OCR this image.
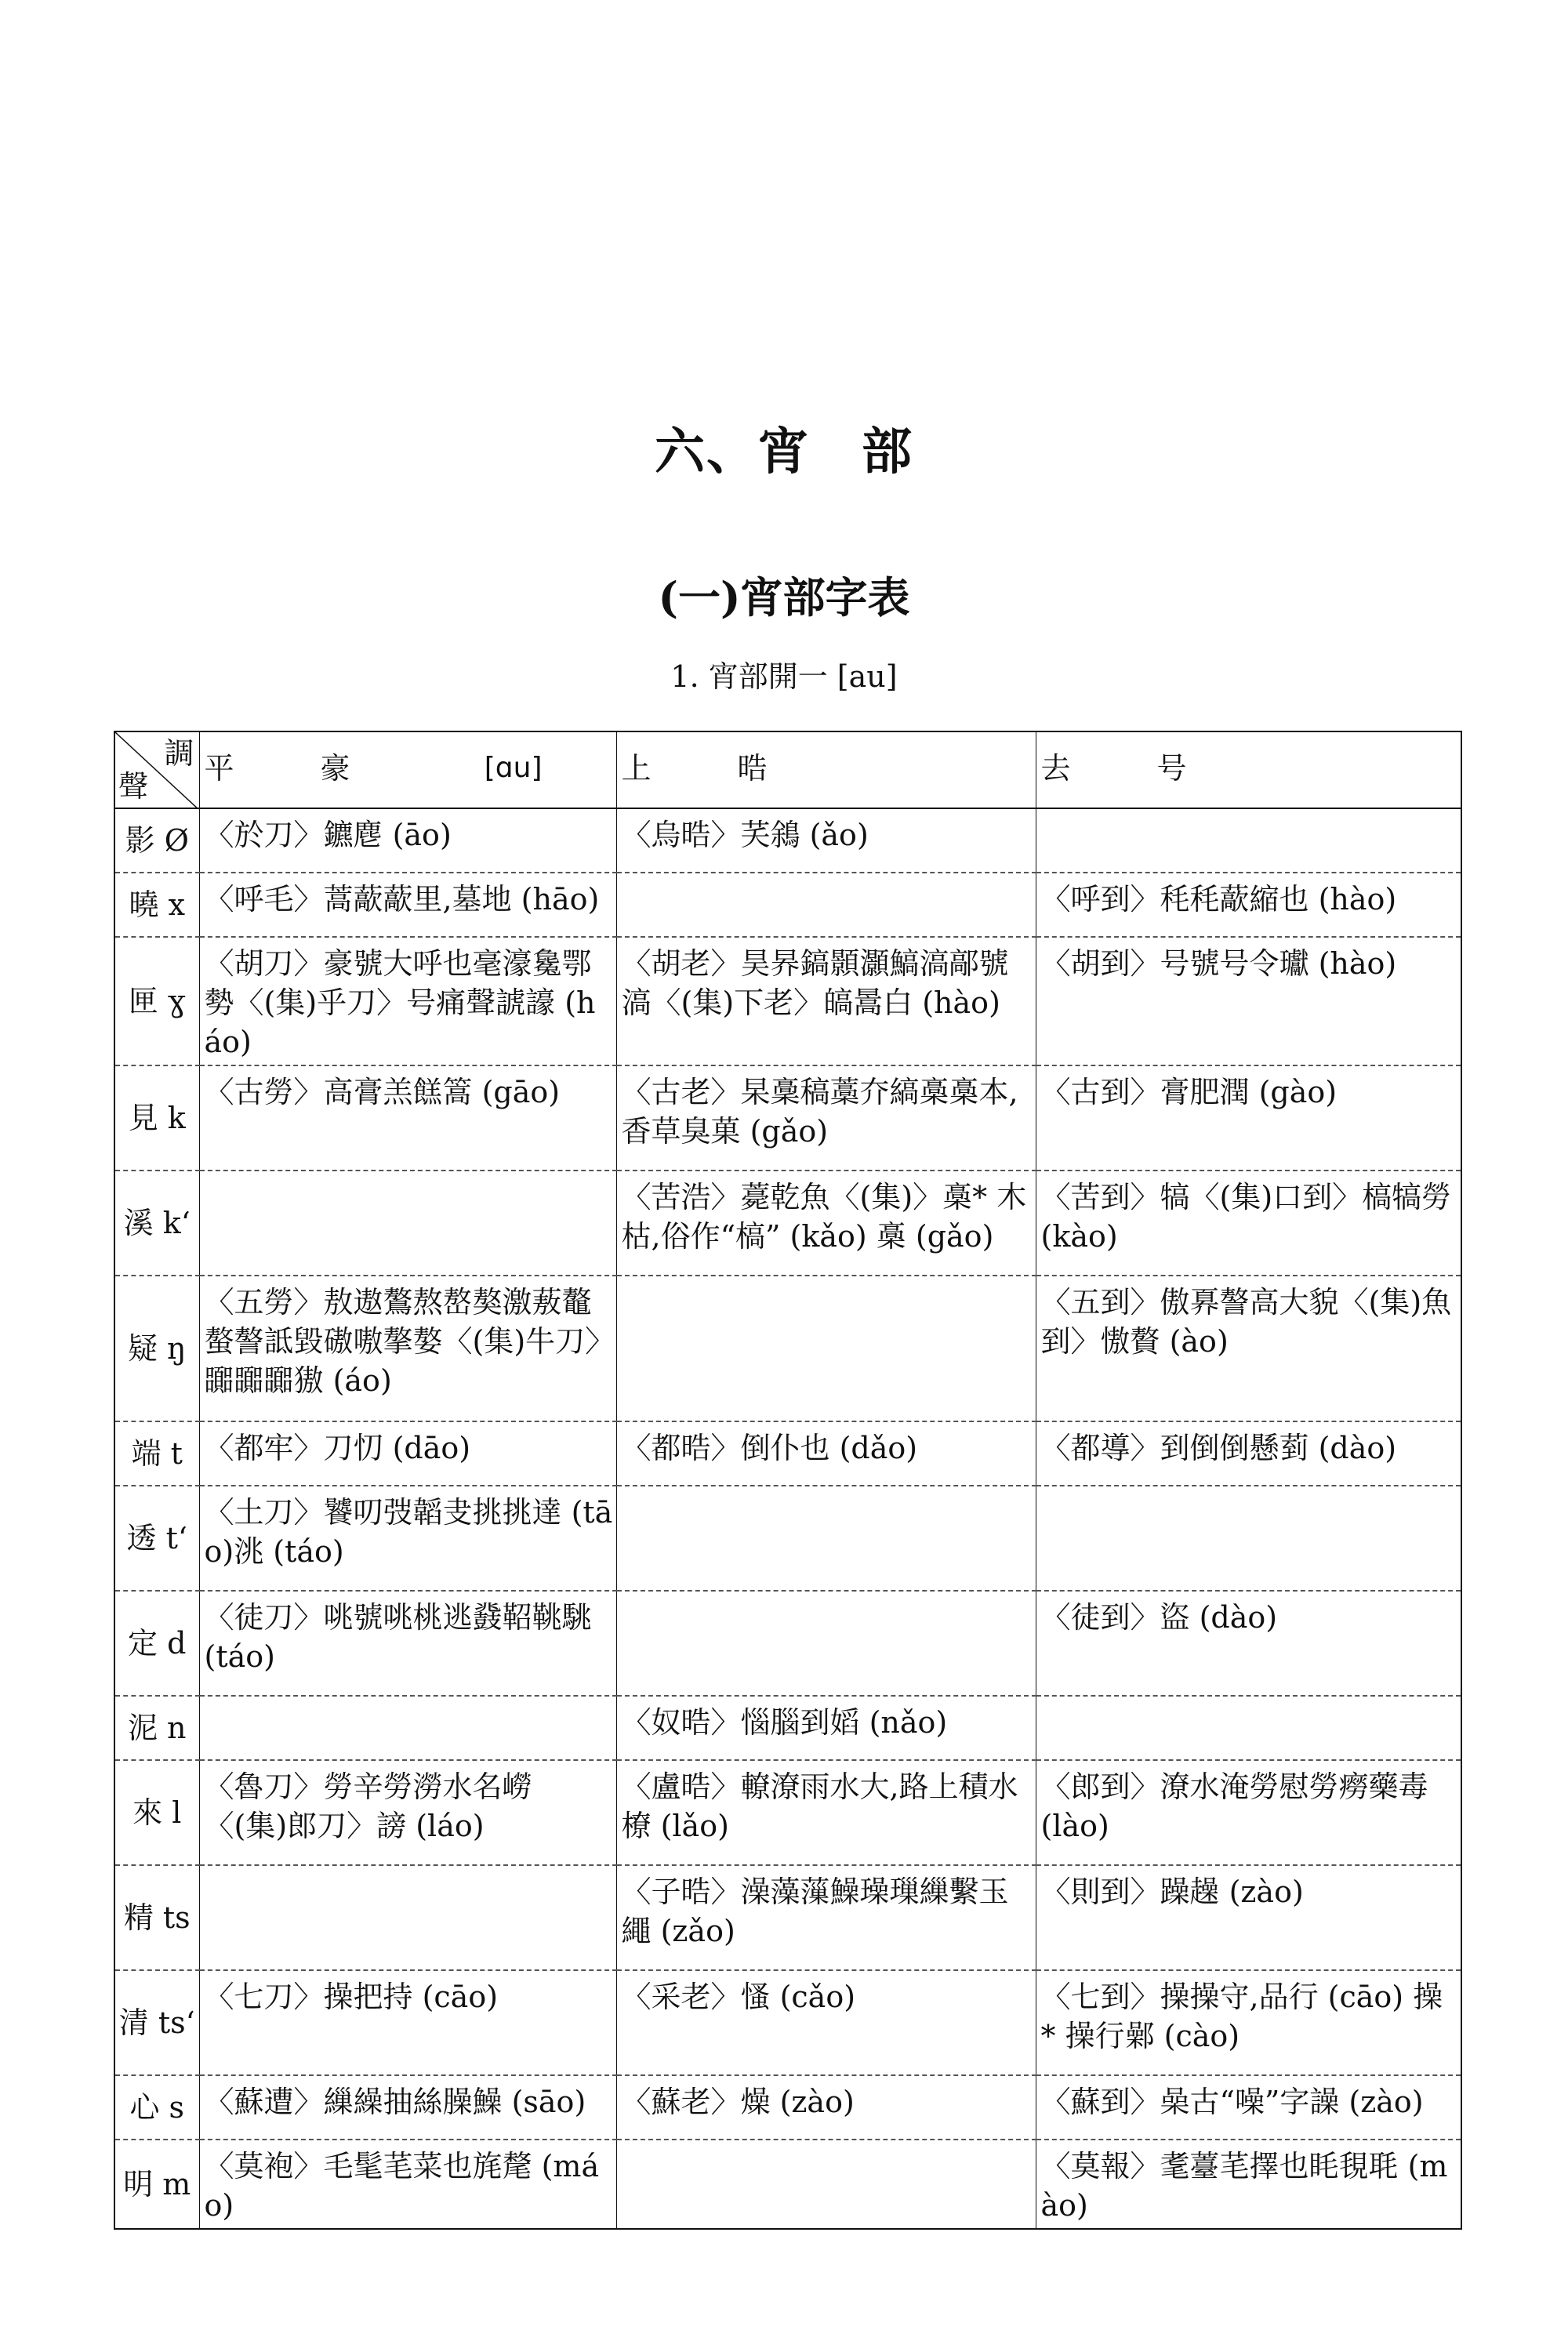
六、宵　部
(一)宵部字表
1. 宵部開一 [au]
調
聲	平 豪 [ɑu]	上 晧	去 号
影 Ø	〈於刀〉鑣麀 (āo)	〈烏晧〉芺䳜 (ǎo)	
曉 x	〈呼毛〉蒿藃藃里,墓地 (hāo)		〈呼到〉秏秏藃縮也 (hào)
匣 ɣ	〈胡刀〉豪號大呼也毫濠毚鄂勢〈(集)乎刀〉号痛聲諕譹 (háo)	〈胡老〉昊昦鎬顥灝鰝滈鄗號滈〈(集)下老〉皜暠白 (hào)	〈胡到〉号號号令瓛 (hào)
見 k	〈古勞〉高膏羔餻篙 (gāo)	〈古老〉杲稾稿藁夰縞槀槀本,香草臭菓 (gǎo)	〈古到〉膏肥潤 (gào)
溪 k‘		〈苦浩〉薧乾魚〈(集)〉槀* 木枯,俗作“槁” (kǎo) 槀 (gǎo)	〈苦到〉犒〈(集)口到〉槁犒勞 (kào)
疑 ŋ	〈五勞〉敖遨鷔熬嶅獒激蔜鼇螯謷詆毀磝嗷摮嫯〈(集)牛刀〉嚻嚻嚻獓 (áo)		〈五到〉傲奡謷高大貌〈(集)魚到〉慠贅 (ào)
端 t	〈都牢〉刀忉 (dāo)	〈都晧〉倒仆也 (dǎo)	〈都導〉到倒倒懸菿 (dào)
透 t‘	〈土刀〉饕叨弢韜叏挑挑達 (tāo)洮 (táo)		
定 d	〈徒刀〉咷號咷桃逃鼗鞀鞉駣 (táo)		〈徒到〉盜 (dào)
泥 n		〈奴晧〉惱腦到嫍 (nǎo)	
來 l	〈魯刀〉勞辛勞澇水名嶗〈(集)郎刀〉謗 (láo)	〈盧晧〉轑潦雨水大,路上積水橑 (lǎo)	〈郎到〉潦水淹勞慰勞癆藥毒 (lào)
精 ts		〈子晧〉澡藻薻鱢璪璅繅繫玉繩 (zǎo)	〈則到〉躁趮 (zào)
清 ts‘	〈七刀〉操把持 (cāo)	〈采老〉慅 (cǎo)	〈七到〉操操守,品行 (cāo) 操* 操行鄵 (cào)
心 s	〈蘇遭〉繅繰抽絲臊鱢 (sāo)	〈蘇老〉燥 (zào)	〈蘇到〉喿古“噪”字譟 (zào)
明 m	〈莫袍〉毛髦芼菜也旄氂 (máo)		〈莫報〉耄薹芼擇也眊覒毦 (mào)
